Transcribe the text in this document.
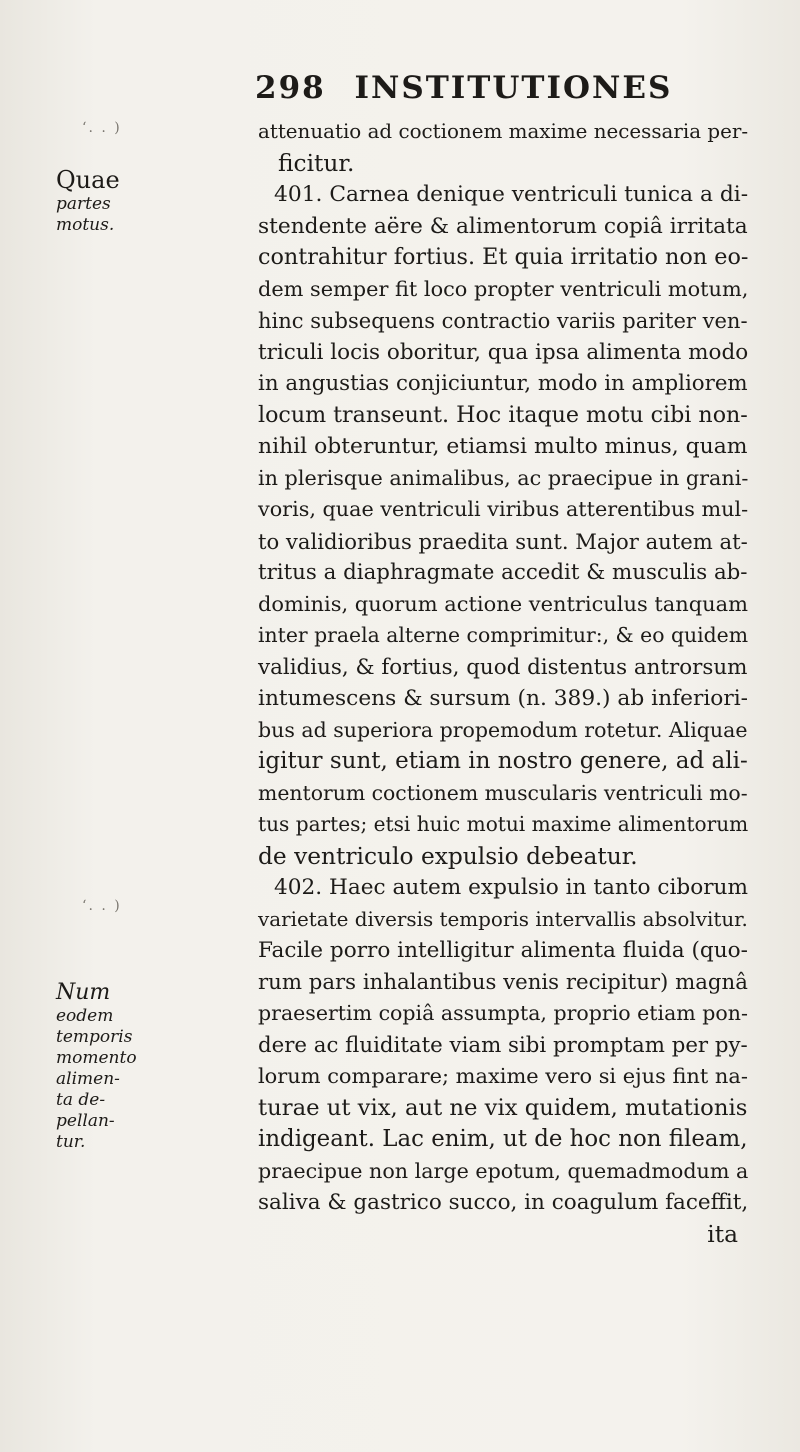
298 INSTITUTIONES
‘. . )
‘. . )
Quae
partes
motus.
Num
eodem
temporis
momento
alimen-
ta de-
pellan-
tur.
attenuatio ad coctionem maxime necessaria per-
ficitur.
401. Carnea denique ventriculi tunica a di-
stendente aëre & alimentorum copiâ irritata
contrahitur fortius. Et quia irritatio non eo-
dem semper fit loco propter ventriculi motum,
hinc subsequens contractio variis pariter ven-
triculi locis oboritur, qua ipsa alimenta modo
in angustias conjiciuntur, modo in ampliorem
locum transeunt. Hoc itaque motu cibi non-
nihil obteruntur, etiamsi multo minus, quam
in plerisque animalibus, ac praecipue in grani-
voris, quae ventriculi viribus atterentibus mul-
to validioribus praedita sunt. Major autem at-
tritus a diaphragmate accedit & musculis ab-
dominis, quorum actione ventriculus tanquam
inter praela alterne comprimitur:, & eo quidem
validius, & fortius, quod distentus antrorsum
intumescens & sursum (n. 389.) ab inferiori-
bus ad superiora propemodum rotetur. Aliquae
igitur sunt, etiam in nostro genere, ad ali-
mentorum coctionem muscularis ventriculi mo-
tus partes; etsi huic motui maxime alimentorum
de ventriculo expulsio debeatur.
402. Haec autem expulsio in tanto ciborum
varietate diversis temporis intervallis absolvitur.
Facile porro intelligitur alimenta fluida (quo-
rum pars inhalantibus venis recipitur) magnâ
praesertim copiâ assumpta, proprio etiam pon-
dere ac fluiditate viam sibi promptam per py-
lorum comparare; maxime vero si ejus fint na-
turae ut vix, aut ne vix quidem, mutationis
indigeant. Lac enim, ut de hoc non fileam,
praecipue non large epotum, quemadmodum a
saliva & gastrico succo, in coagulum faceffit,
ita
